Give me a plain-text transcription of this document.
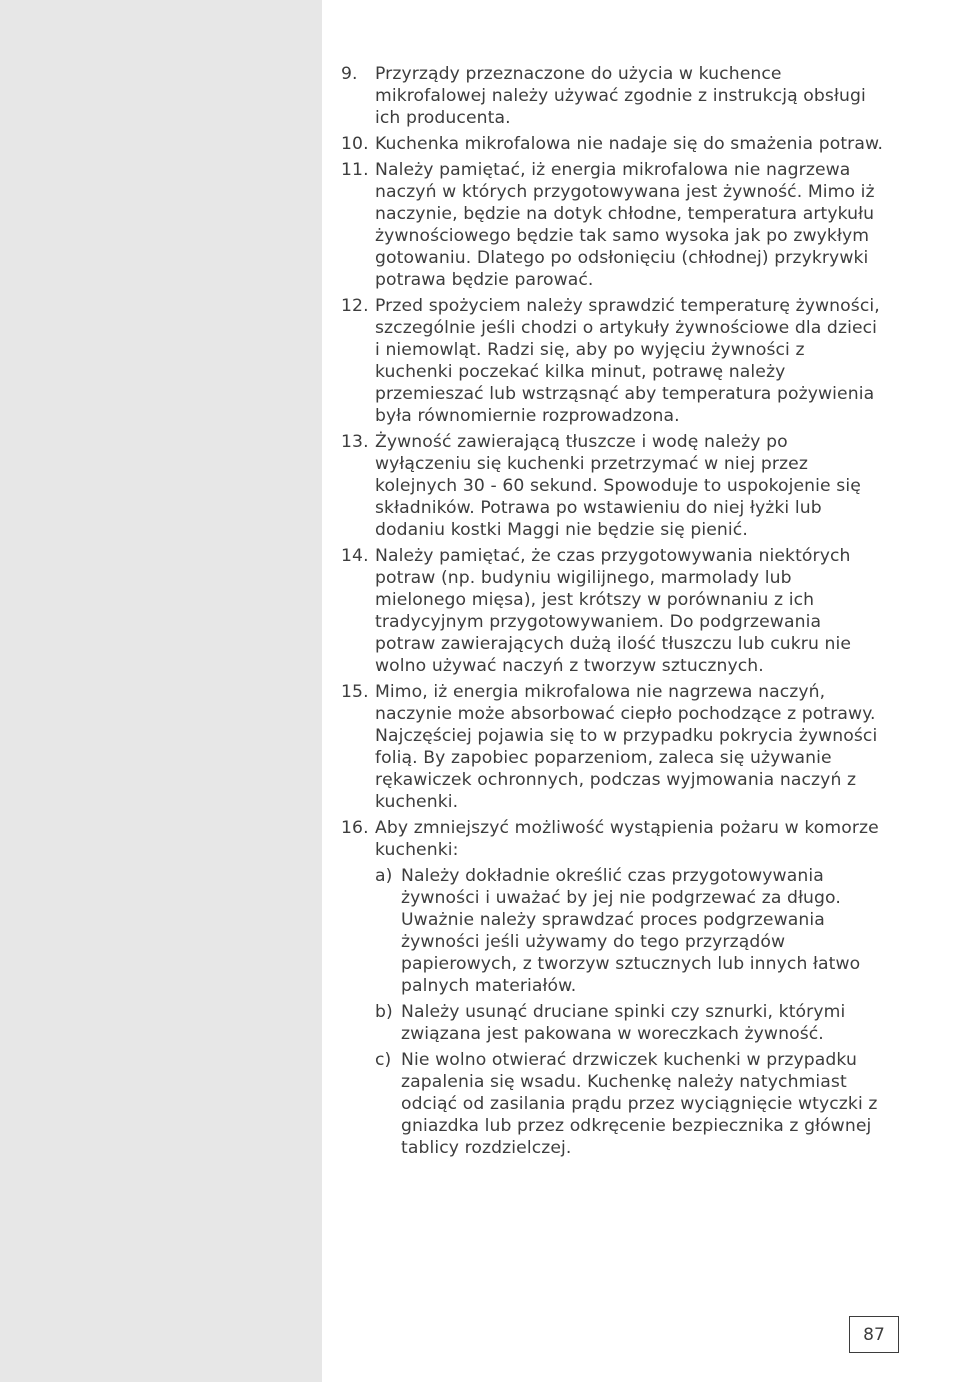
9. Przyrządy przeznaczone do użycia w kuchence mikrofalowej należy używać zgodnie z instrukcją obsługi ich producenta.
10. Kuchenka mikrofalowa nie nadaje się do smażenia potraw.
11. Należy pamiętać, iż energia mikrofalowa nie nagrzewa naczyń w których przygotowywana jest żywność. Mimo iż naczynie, będzie na dotyk chłodne, temperatura artykułu żywnościowego będzie tak samo wysoka jak po zwykłym gotowaniu. Dlatego po odsłonięciu (chłodnej) przykrywki potrawa będzie parować.
12. Przed spożyciem należy sprawdzić temperaturę żywności, szczególnie jeśli chodzi o artykuły żywnościowe dla dzieci i niemowląt. Radzi się, aby po wyjęciu żywności z kuchenki poczekać kilka minut, potrawę należy przemieszać lub wstrząsnąć aby temperatura pożywienia była równomiernie rozprowadzona.
13. Żywność zawierającą tłuszcze i wodę należy po wyłączeniu się kuchenki przetrzymać w niej przez kolejnych 30 - 60 sekund. Spowoduje to uspokojenie się składników. Potrawa po wstawieniu do niej łyżki lub dodaniu kostki Maggi nie będzie się pienić.
14. Należy pamiętać, że czas przygotowywania niektórych potraw (np. budyniu wigilijnego, marmolady lub mielonego mięsa), jest krótszy w porównaniu z ich tradycyjnym przygotowywaniem. Do podgrzewania potraw zawierających dużą ilość tłuszczu lub cukru nie wolno używać naczyń z tworzyw sztucznych.
15. Mimo, iż energia mikrofalowa nie nagrzewa naczyń, naczynie może absorbować ciepło pochodzące z potrawy. Najczęściej pojawia się to w przypadku pokrycia żywności folią. By zapobiec poparzeniom, zaleca się używanie rękawiczek ochronnych, podczas wyjmowania naczyń z kuchenki.
16. Aby zmniejszyć możliwość wystąpienia pożaru w komorze kuchenki:
a) Należy dokładnie określić czas przygotowywania żywności i uważać by jej nie podgrzewać za długo. Uważnie należy sprawdzać proces podgrzewania żywności jeśli używamy do tego przyrządów papierowych, z tworzyw sztucznych lub innych łatwo palnych materiałów.
b) Należy usunąć druciane spinki czy sznurki, którymi związana jest pakowana w woreczkach żywność.
c) Nie wolno otwierać drzwiczek kuchenki w przypadku zapalenia się wsadu. Kuchenkę należy natychmiast odciąć od zasilania prądu przez wyciągnięcie wtyczki z gniazdka lub przez odkręcenie bezpiecznika z głównej tablicy rozdzielczej.
87
